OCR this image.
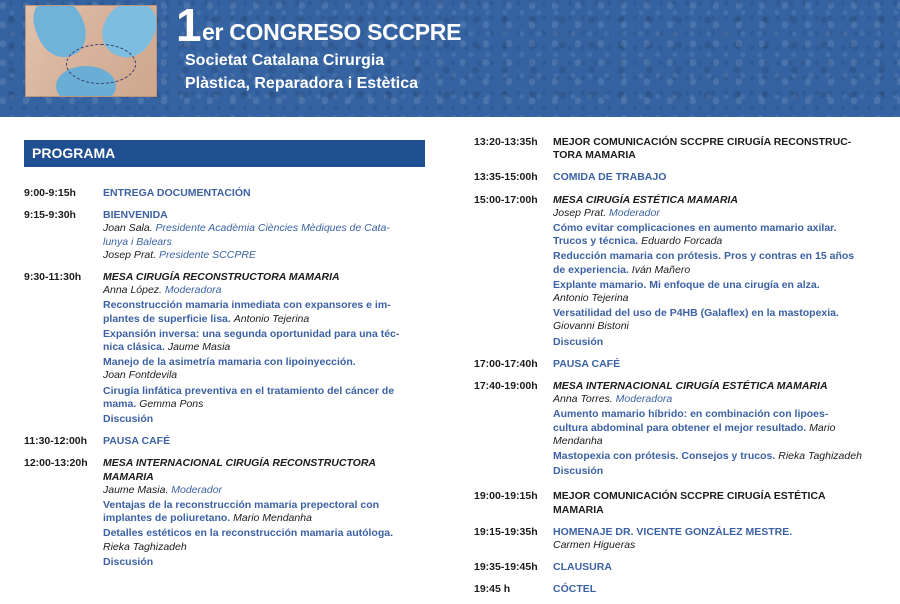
1 er CONGRESO SCCPRE
Societat Catalana Cirurgia
Plàstica, Reparadora i Estètica
PROGRAMA
9:00-9:15h	ENTREGA DOCUMENTACIÓN
9:15-9:30h	BIENVENIDA
Joan Sala. Presidente Acadèmia Ciències Mèdiques de Cata-
lunya i Balears
Josep Prat. Presidente SCCPRE
9:30-11:30h	MESA CIRUGÍA RECONSTRUCTORA MAMARIA
Anna López. Moderadora
Reconstrucción mamaria inmediata con expansores e im-
plantes de superficie lisa. Antonio Tejerina
Expansión inversa: una segunda oportunidad para una téc-
nica clásica. Jaume Masia
Manejo de la asimetría mamaria con lipoinyección.
Joan Fontdevila
Cirugía linfática preventiva en el tratamiento del cáncer de
mama. Gemma Pons
Discusión
11:30-12:00h	PAUSA CAFÉ
12:00-13:20h	MESA INTERNACIONAL CIRUGÍA RECONSTRUCTORA
MAMARIA
Jaume Masia. Moderador
Ventajas de la reconstrucción mamaria prepectoral con
implantes de poliuretano. Mario Mendanha
Detalles estéticos en la reconstrucción mamaria autóloga.
Rieka Taghizadeh
Discusión
13:20-13:35h	MEJOR COMUNICACIÓN SCCPRE CIRUGÍA RECONSTRUC-
TORA MAMARIA
13:35-15:00h	COMIDA DE TRABAJO
15:00-17:00h	MESA CIRUGÍA ESTÉTICA MAMARIA
Josep Prat. Moderador
Cómo evitar complicaciones en aumento mamario axilar.
Trucos y técnica. Eduardo Forcada
Reducción mamaria con prótesis. Pros y contras en 15 años
de experiencia. Iván Mañero
Explante mamario. Mi enfoque de una cirugía en alza.
Antonio Tejerina
Versatilidad del uso de P4HB (Galaflex) en la mastopexia.
Giovanni Bistoni
Discusión
17:00-17:40h	PAUSA CAFÉ
17:40-19:00h	MESA INTERNACIONAL CIRUGÍA ESTÉTICA MAMARIA
Anna Torres. Moderadora
Aumento mamario híbrido: en combinación con lipoes-
cultura abdominal para obtener el mejor resultado. Mario
Mendanha
Mastopexia con prótesis. Consejos y trucos. Rieka Taghizadeh
Discusión
19:00-19:15h	MEJOR COMUNICACIÓN SCCPRE CIRUGÍA ESTÉTICA
MAMARIA
19:15-19:35h	HOMENAJE DR. VICENTE GONZÁLEZ MESTRE.
Carmen Higueras
19:35-19:45h	CLAUSURA
19:45 h	CÓCTEL
